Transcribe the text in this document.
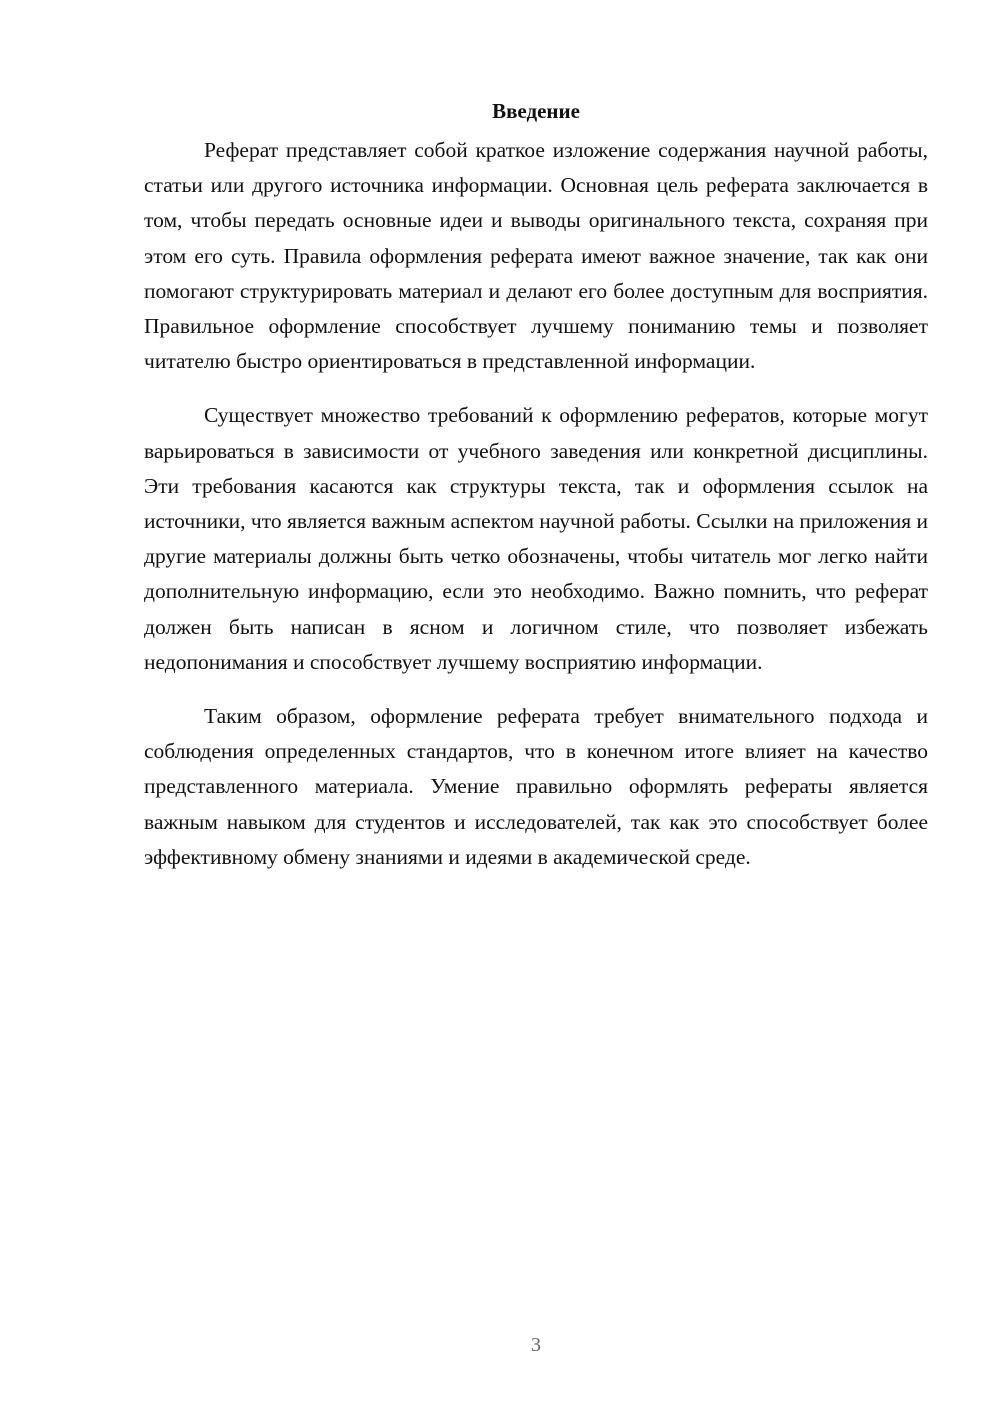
Введение

Реферат представляет собой краткое изложение содержания научной работы, статьи или другого источника информации. Основная цель реферата заключается в том, чтобы передать основные идеи и выводы оригинального текста, сохраняя при этом его суть. Правила оформления реферата имеют важное значение, так как они помогают структурировать материал и делают его более доступным для восприятия. Правильное оформление способствует лучшему пониманию темы и позволяет читателю быстро ориентироваться в представленной информации.

Существует множество требований к оформлению рефератов, которые могут варьироваться в зависимости от учебного заведения или конкретной дисциплины. Эти требования касаются как структуры текста, так и оформления ссылок на источники, что является важным аспектом научной работы. Ссылки на приложения и другие материалы должны быть четко обозначены, чтобы читатель мог легко найти дополнительную информацию, если это необходимо. Важно помнить, что реферат должен быть написан в ясном и логичном стиле, что позволяет избежать недопонимания и способствует лучшему восприятию информации.

Таким образом, оформление реферата требует внимательного подхода и соблюдения определенных стандартов, что в конечном итоге влияет на качество представленного материала. Умение правильно оформлять рефераты является важным навыком для студентов и исследователей, так как это способствует более эффективному обмену знаниями и идеями в академической среде.

3
